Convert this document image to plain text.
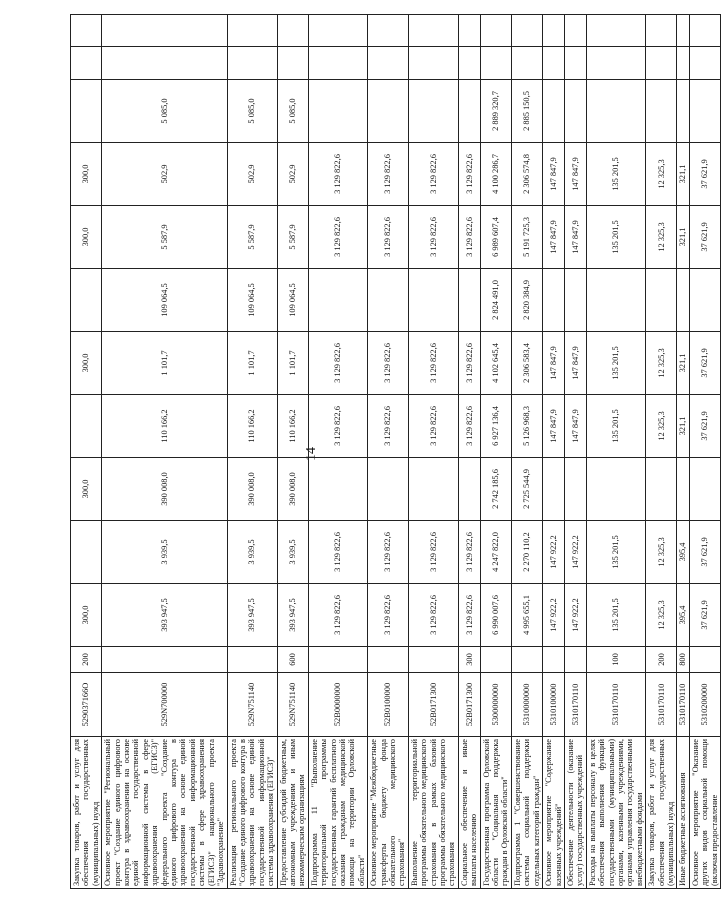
14
Закупка товаров, работ и услуг для обеспечения государственных (муниципальных) нужд	529037166О	200	300,0		300,0		300,0		300,0	300,0			
Основное мероприятие "Региональный проект "Создание единого цифрового контура в здравоохранении на основе единой государственной информационной системы в сфере здравоохранения (ЕГИСЗ)" федерального проекта "Создание единого цифрового контура в здравоохранении на основе единой государственной информационной системы в сфере здравоохранения (ЕГИСЗ)" национального проекта "Здравоохранение"	529N700000		393 947,5	3 939,5	390 008,0	110 166,2	1 101,7	109 064,5	5 587,9	502,9	5 085,0		
Реализация регионального проекта "Создание единого цифрового контура в здравоохранении на основе единой государственной информационной системы здравоохранения (ЕГИСЗ)"	529N751140		393 947,5	3 939,5	390 008,0	110 166,2	1 101,7	109 064,5	5 587,9	502,9	5 085,0		
Предоставление субсидий бюджетным, автономным учреждениям и иным некоммерческим организациям	529N751140	600	393 947,5	3 939,5	390 008,0	110 166,2	1 101,7	109 064,5	5 587,9	502,9	5 085,0		
Подпрограмма 11 "Выполнение территориальной программы государственных гарантий бесплатного оказания гражданам медицинской помощи на территории Орловской области"	52В0000000		3 129 822,6	3 129 822,6		3 129 822,6	3 129 822,6		3 129 822,6	3 129 822,6			
Основное мероприятие "Межбюджетные трансферты бюджету фонда обязательного медицинского страхования"	52В0100000		3 129 822,6	3 129 822,6		3 129 822,6	3 129 822,6		3 129 822,6	3 129 822,6			
Выполнение территориальной программы обязательного медицинского страхования в рамках базовой программы обязательного медицинского страхования	52В0171300		3 129 822,6	3 129 822,6		3 129 822,6	3 129 822,6		3 129 822,6	3 129 822,6			
Социальное обеспечение и иные выплаты населению	52В0171300	300	3 129 822,6	3 129 822,6		3 129 822,6	3 129 822,6		3 129 822,6	3 129 822,6			
Государственная программа Орловской области "Социальная поддержка граждан в Орловской области"	5300000000		6 990 007,6	4 247 822,0	2 742 185,6	6 927 136,4	4 102 645,4	2 824 491,0	6 989 607,4	4 100 286,7	2 889 320,7		
Подпрограмма 1 "Совершенствование системы социальной поддержки отдельных категорий граждан"	5310000000		4 995 655,1	2 270 110,2	2 725 544,9	5 126 968,3	2 306 583,4	2 820 384,9	5 191 725,3	2 306 574,8	2 885 150,5		
Основное мероприятие "Содержание казенных учреждений"	5310100000		147 922,2	147 922,2		147 847,9	147 847,9		147 847,9	147 847,9			
Обеспечение деятельности (оказание услуг) государственных учреждений	5310170110		147 922,2	147 922,2		147 847,9	147 847,9		147 847,9	147 847,9			
Расходы на выплаты персоналу в целях обеспечения выполнения функций государственными (муниципальными) органами, казенными учреждениями, органами управления государственными внебюджетными фондами	5310170110	100	135 201,5	135 201,5		135 201,5	135 201,5		135 201,5	135 201,5			
Закупка товаров, работ и услуг для обеспечения государственных (муниципальных) нужд	5310170110	200	12 325,3	12 325,3		12 325,3	12 325,3		12 325,3	12 325,3			
Иные бюджетные ассигнования	5310170110	800	395,4	395,4		321,1	321,1		321,1	321,1			
Основное мероприятие "Оказание других видов социальной помощи (включая предоставление	5310200000		37 621,9	37 621,9		37 621,9	37 621,9		37 621,9	37 621,9			
